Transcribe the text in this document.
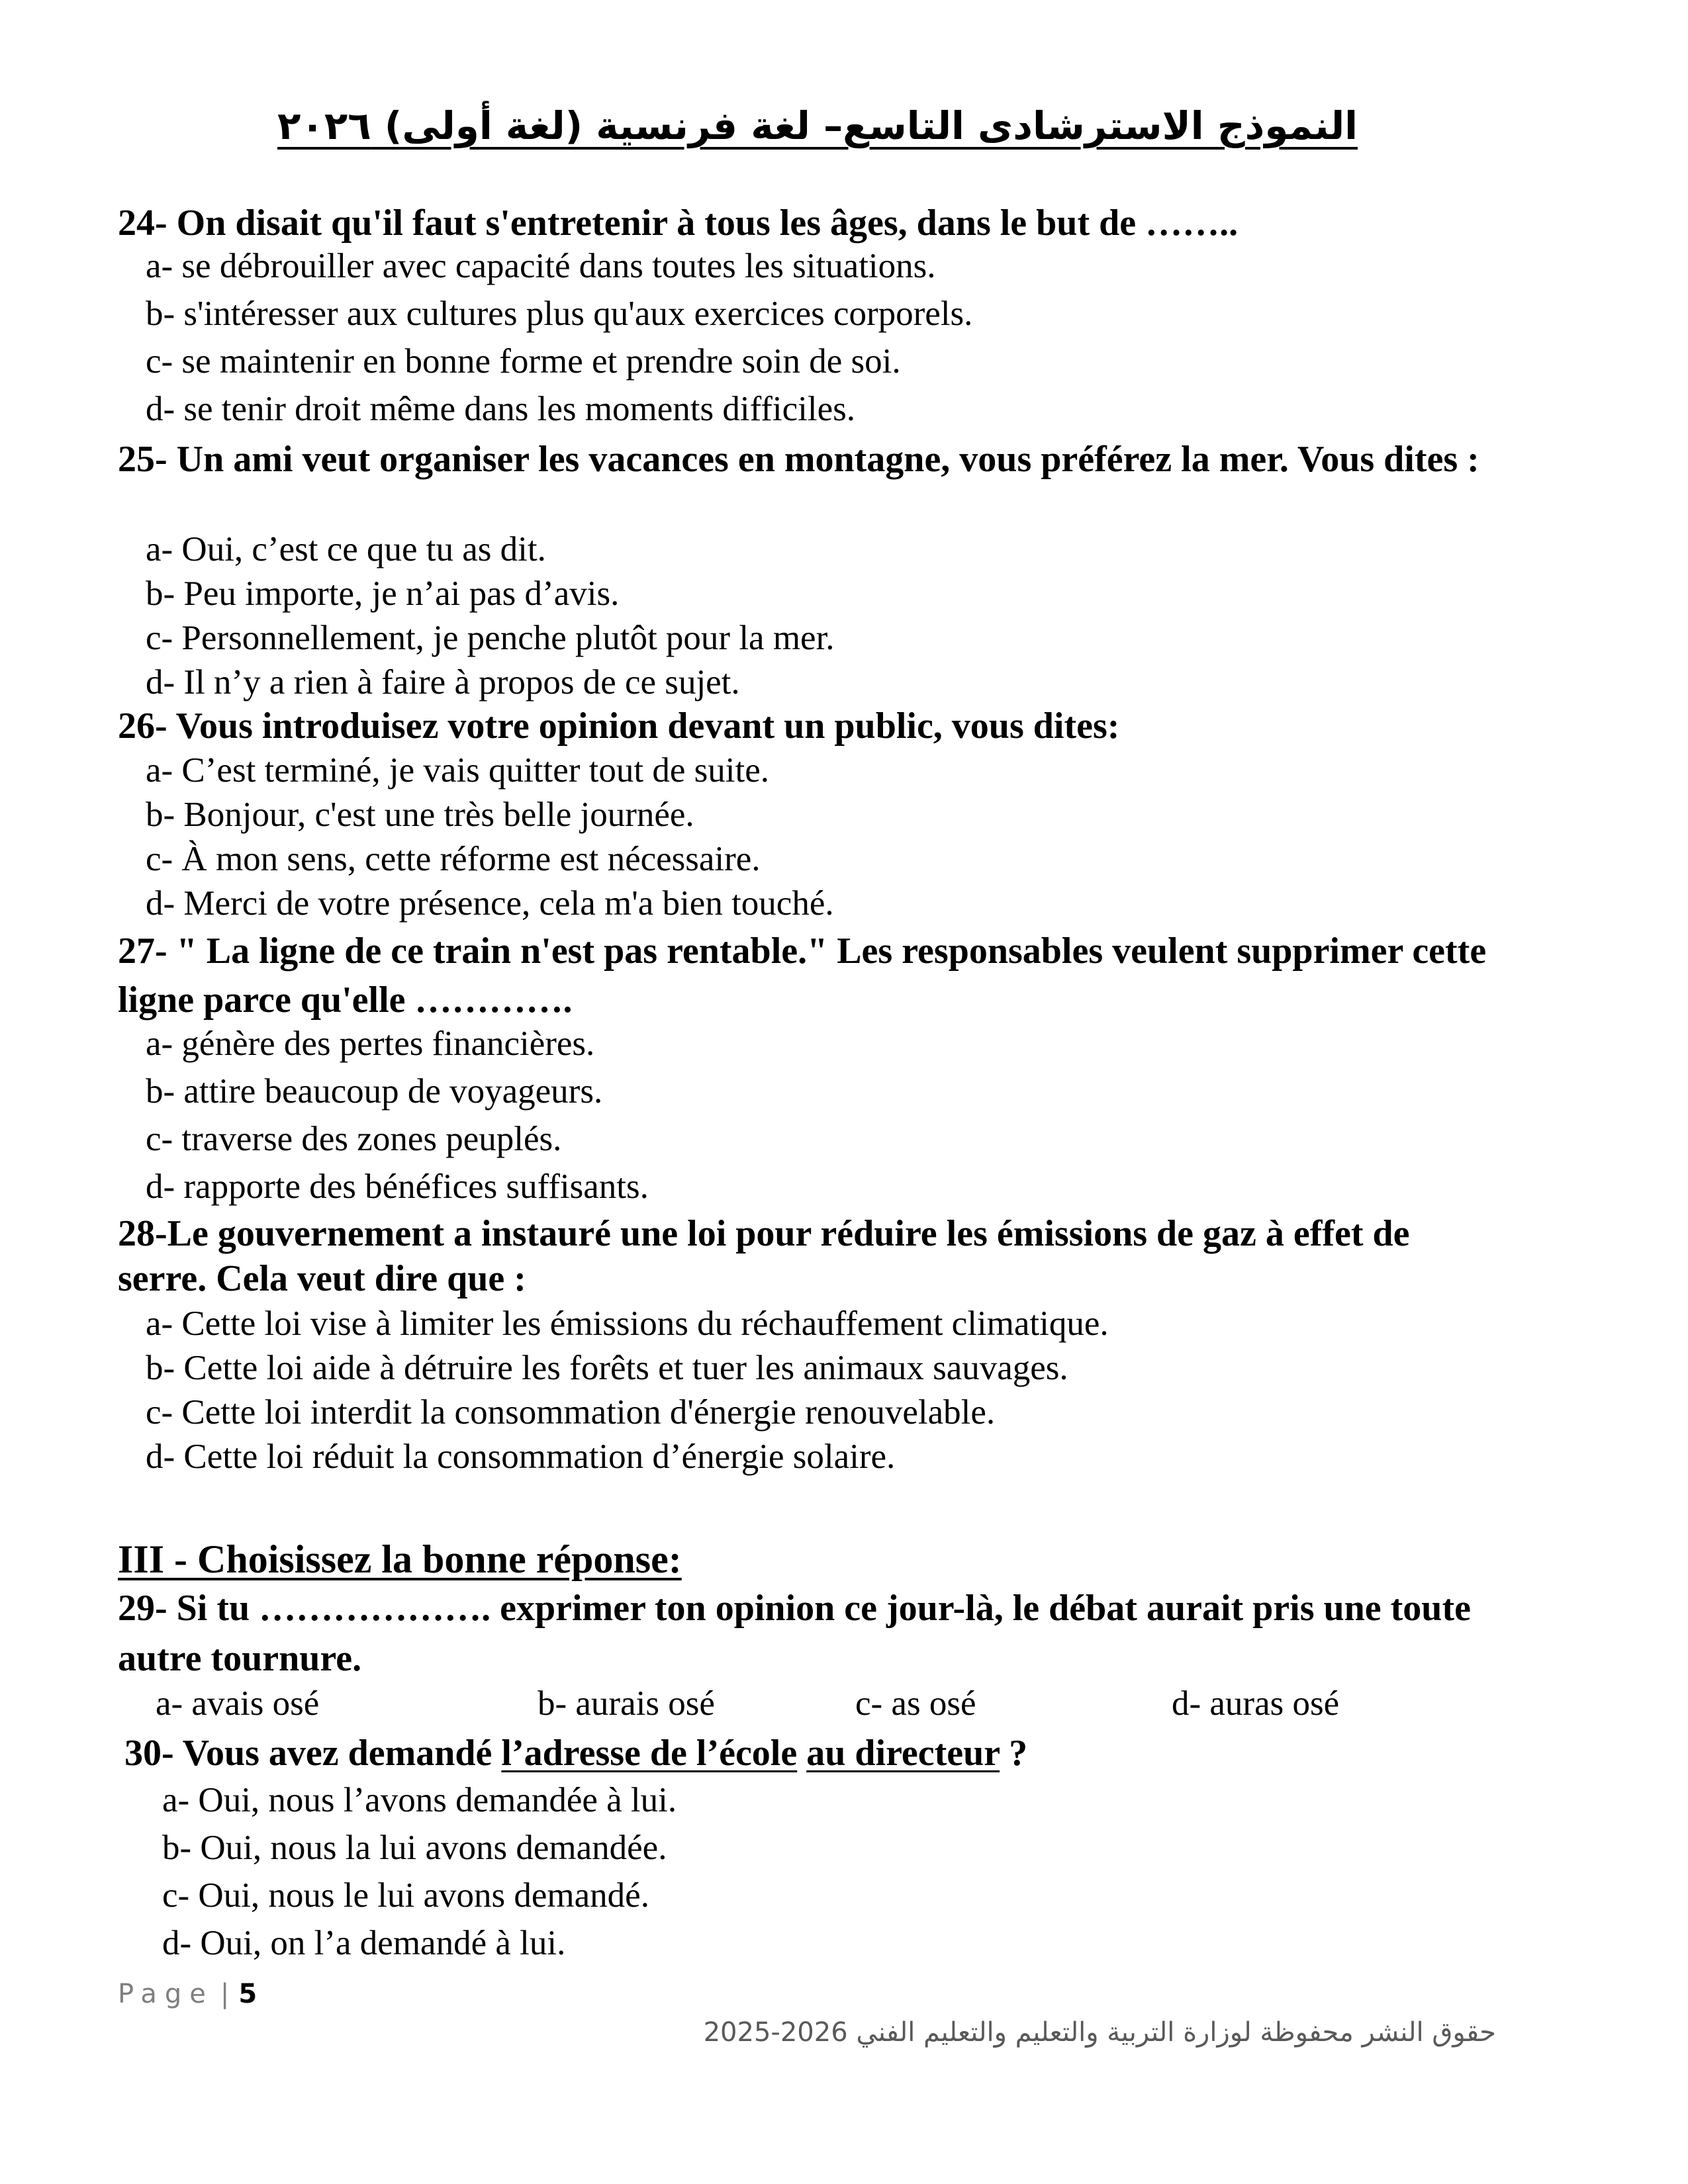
النموذج الاسترشادى التاسع– لغة فرنسية (لغة أولى) ٢٠٢٦

24- On disait qu'il faut s'entretenir à tous les âges, dans le but de ……..

a- se débrouiller avec capacité dans toutes les situations.
b- s'intéresser aux cultures plus qu'aux exercices corporels.
c- se maintenir en bonne forme et prendre soin de soi.
d- se tenir droit même dans les moments difficiles.

25- Un ami veut organiser les vacances en montagne, vous préférez la mer. Vous dites :

a- Oui, c’est ce que tu as dit.
b- Peu importe, je n’ai pas d’avis.
c- Personnellement, je penche plutôt pour la mer.
d- Il n’y a rien à faire à propos de ce sujet.

26- Vous introduisez votre opinion devant un public, vous dites:

a- C’est terminé, je vais quitter tout de suite.
b- Bonjour, c'est une très belle journée.
c- À mon sens, cette réforme est nécessaire.
d- Merci de votre présence, cela m'a bien touché.

27- " La ligne de ce train n'est pas rentable." Les responsables veulent supprimer cette ligne parce qu'elle ………….

a- génère des pertes financières.
b- attire beaucoup de voyageurs.
c- traverse des zones peuplés.
d- rapporte des bénéfices suffisants.

28-Le gouvernement a instauré une loi pour réduire les émissions de gaz à effet de serre. Cela veut dire que :

a- Cette loi vise à limiter les émissions du réchauffement climatique.
b- Cette loi aide à détruire les forêts et tuer les animaux sauvages.
c- Cette loi interdit la consommation d'énergie renouvelable.
d- Cette loi réduit la consommation d’énergie solaire.
III - Choisissez la bonne réponse:

29- Si tu ………………. exprimer ton opinion ce jour-là, le débat aurait pris une toute autre tournure.

a- avais osé	b- aurais osé	c- as osé	d- auras osé

30- Vous avez demandé l’adresse de l’école au directeur ?

a- Oui, nous l’avons demandée à lui.
b- Oui, nous la lui avons demandée.
c- Oui, nous le lui avons demandé.
d- Oui, on l’a demandé à lui.
Page | 5
حقوق النشر محفوظة لوزارة التربية والتعليم والتعليم الفني 2026-2025
